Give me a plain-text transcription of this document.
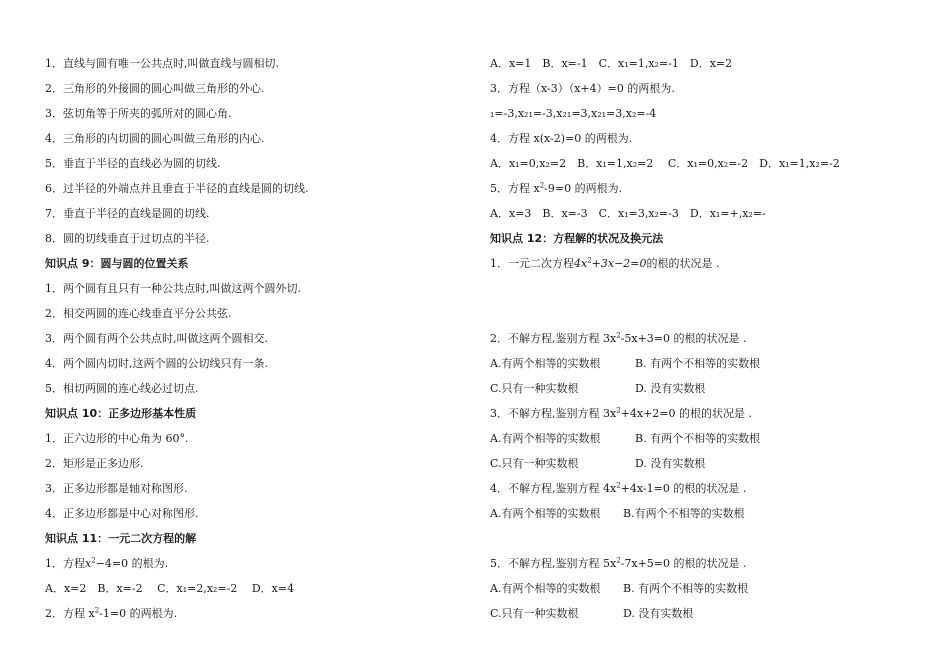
1．直线与圆有唯一公共点时,叫做直线与圆相切.
2．三角形的外接圆的圆心叫做三角形的外心.
3．弦切角等于所夹的弧所对的圆心角.
4．三角形的内切圆的圆心叫做三角形的内心.
5．垂直于半径的直线必为圆的切线.
6．过半径的外端点并且垂直于半径的直线是圆的切线.
7．垂直于半径的直线是圆的切线.
8．圆的切线垂直于过切点的半径.
知识点 9：圆与圆的位置关系
1．两个圆有且只有一种公共点时,叫做这两个圆外切.
2．相交两圆的连心线垂直平分公共弦.
3．两个圆有两个公共点时,叫做这两个圆相交.
4．两个圆内切时,这两个圆的公切线只有一条.
5．相切两圆的连心线必过切点.
知识点 10：正多边形基本性质
1．正六边形的中心角为 60°.
2．矩形是正多边形.
3．正多边形都是轴对称图形.
4．正多边形都是中心对称图形.
知识点 11：一元二次方程的解
1．方程$x^2-4=0$ 的根为.
A．x=2　B．x=-2　 C．x₁=2,x₂=-2　 D．x=4
2．方程 $x^2-1=0$ 的两根为.
A．x=1　B．x=-1　C．x₁=1,x₂=-1　D．x=2
3．方程（x-3）（x+4）=0 的两根为.
₁=-3,x₂₁=-3,x₂₁=3,x₂₁=3,x₂=-4
4．方程 x(x-2)=0 的两根为.
A．x₁=0,x₂=2　B．x₁=1,x₂=2　 C．x₁=0,x₂=-2　D．x₁=1,x₂=-2
5．方程 $x^2-9=0$ 的两根为.
A．x=3　B．x=-3　C．x₁=3,x₂=-3　D．x₁=+,x₂=-
知识点 12：方程解的状况及换元法
1．一元二次方程$4x^2+3x-2=0$的根的状况是 .
2．不解方程,鉴别方程 $3x^2-5x+3=0$ 的根的状况是 .
A.有两个相等的实数根	B. 有两个不相等的实数根
C.只有一种实数根	D. 没有实数根
3．不解方程,鉴别方程 $3x^2+4x+2=0$ 的根的状况是 .
A.有两个相等的实数根	B. 有两个不相等的实数根
C.只有一种实数根	D. 没有实数根
4．不解方程,鉴别方程 $4x^2+4x-1=0$ 的根的状况是 .
A.有两个相等的实数根 B.有两个不相等的实数根
5．不解方程,鉴别方程 $5x^2-7x+5=0$ 的根的状况是 .
A.有两个相等的实数根 B. 有两个不相等的实数根
C.只有一种实数根	D. 没有实数根
